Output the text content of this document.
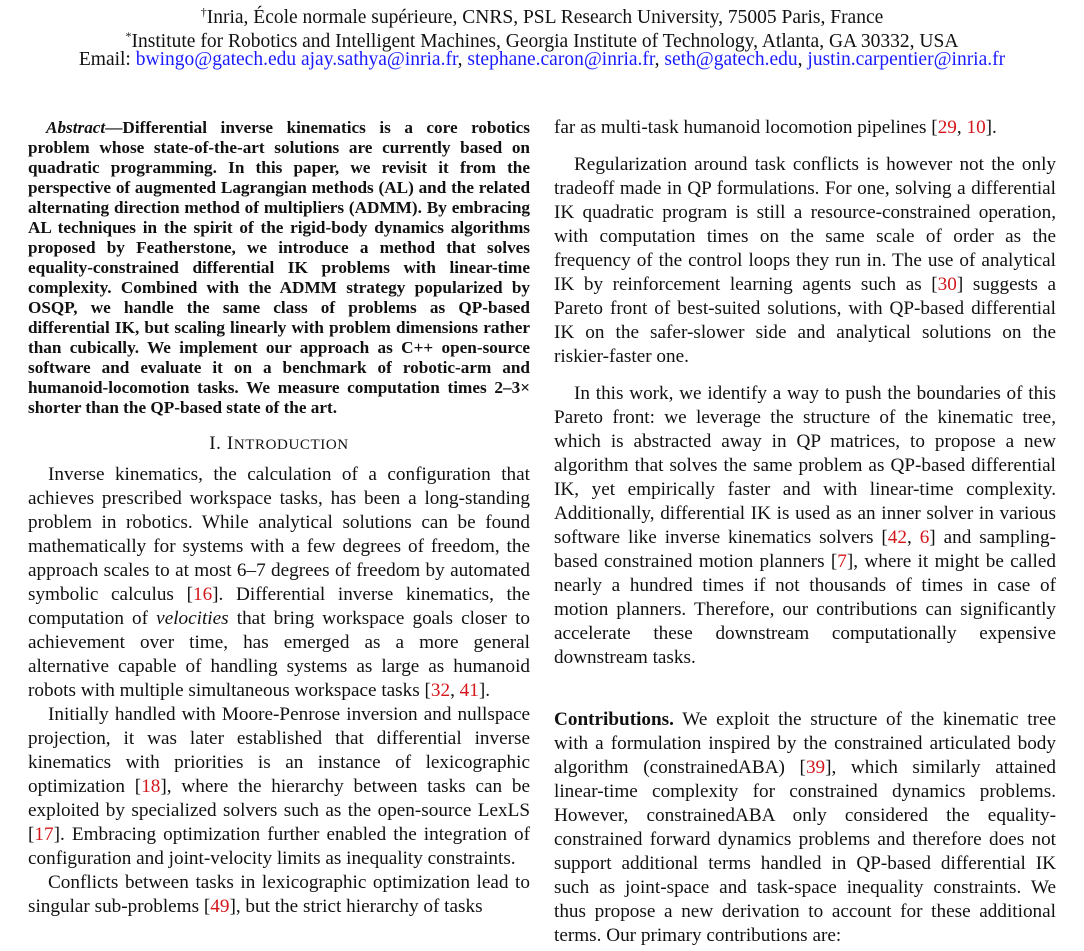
†Inria, École normale supérieure, CNRS, PSL Research University, 75005 Paris, France
*Institute for Robotics and Intelligent Machines, Georgia Institute of Technology, Atlanta, GA 30332, USA
Email: bwingo@gatech.edu ajay.sathya@inria.fr, stephane.caron@inria.fr, seth@gatech.edu, justin.carpentier@inria.fr

Abstract—Differential inverse kinematics is a core robotics problem whose state-of-the-art solutions are currently based on quadratic programming. In this paper, we revisit it from the perspective of augmented Lagrangian methods (AL) and the related alternating direction method of multipliers (ADMM). By embracing AL techniques in the spirit of the rigid-body dynamics algorithms proposed by Featherstone, we introduce a method that solves equality-constrained differential IK problems with linear-time complexity. Combined with the ADMM strategy popularized by OSQP, we handle the same class of problems as QP-based differential IK, but scaling linearly with problem dimensions rather than cubically. We implement our approach as C++ open-source software and evaluate it on a benchmark of robotic-arm and humanoid-locomotion tasks. We measure computation times 2–3× shorter than the QP-based state of the art.

I. INTRODUCTION

Inverse kinematics, the calculation of a configuration that achieves prescribed workspace tasks, has been a long-standing problem in robotics. While analytical solutions can be found mathematically for systems with a few degrees of freedom, the approach scales to at most 6–7 degrees of freedom by automated symbolic calculus [16]. Differential inverse kinematics, the computation of velocities that bring workspace goals closer to achievement over time, has emerged as a more general alternative capable of handling systems as large as humanoid robots with multiple simultaneous workspace tasks [32, 41].

Initially handled with Moore-Penrose inversion and nullspace projection, it was later established that differential inverse kinematics with priorities is an instance of lexicographic optimization [18], where the hierarchy between tasks can be exploited by specialized solvers such as the open-source LexLS [17]. Embracing optimization further enabled the integration of configuration and joint-velocity limits as inequality constraints.

Conflicts between tasks in lexicographic optimization lead to singular sub-problems [49], but the strict hierarchy of tasks

far as multi-task humanoid locomotion pipelines [29, 10].

Regularization around task conflicts is however not the only tradeoff made in QP formulations. For one, solving a differential IK quadratic program is still a resource-constrained operation, with computation times on the same scale of order as the frequency of the control loops they run in. The use of analytical IK by reinforcement learning agents such as [30] suggests a Pareto front of best-suited solutions, with QP-based differential IK on the safer-slower side and analytical solutions on the riskier-faster one.

In this work, we identify a way to push the boundaries of this Pareto front: we leverage the structure of the kinematic tree, which is abstracted away in QP matrices, to propose a new algorithm that solves the same problem as QP-based differential IK, yet empirically faster and with linear-time complexity. Additionally, differential IK is used as an inner solver in various software like inverse kinematics solvers [42, 6] and sampling-based constrained motion planners [7], where it might be called nearly a hundred times if not thousands of times in case of motion planners. Therefore, our contributions can significantly accelerate these downstream computationally expensive downstream tasks.

Contributions. We exploit the structure of the kinematic tree with a formulation inspired by the constrained articulated body algorithm (constrainedABA) [39], which similarly attained linear-time complexity for constrained dynamics problems. However, constrainedABA only considered the equality-constrained forward dynamics problems and therefore does not support additional terms handled in QP-based differential IK such as joint-space and task-space inequality constraints. We thus propose a new derivation to account for these additional terms. Our primary contributions are:
